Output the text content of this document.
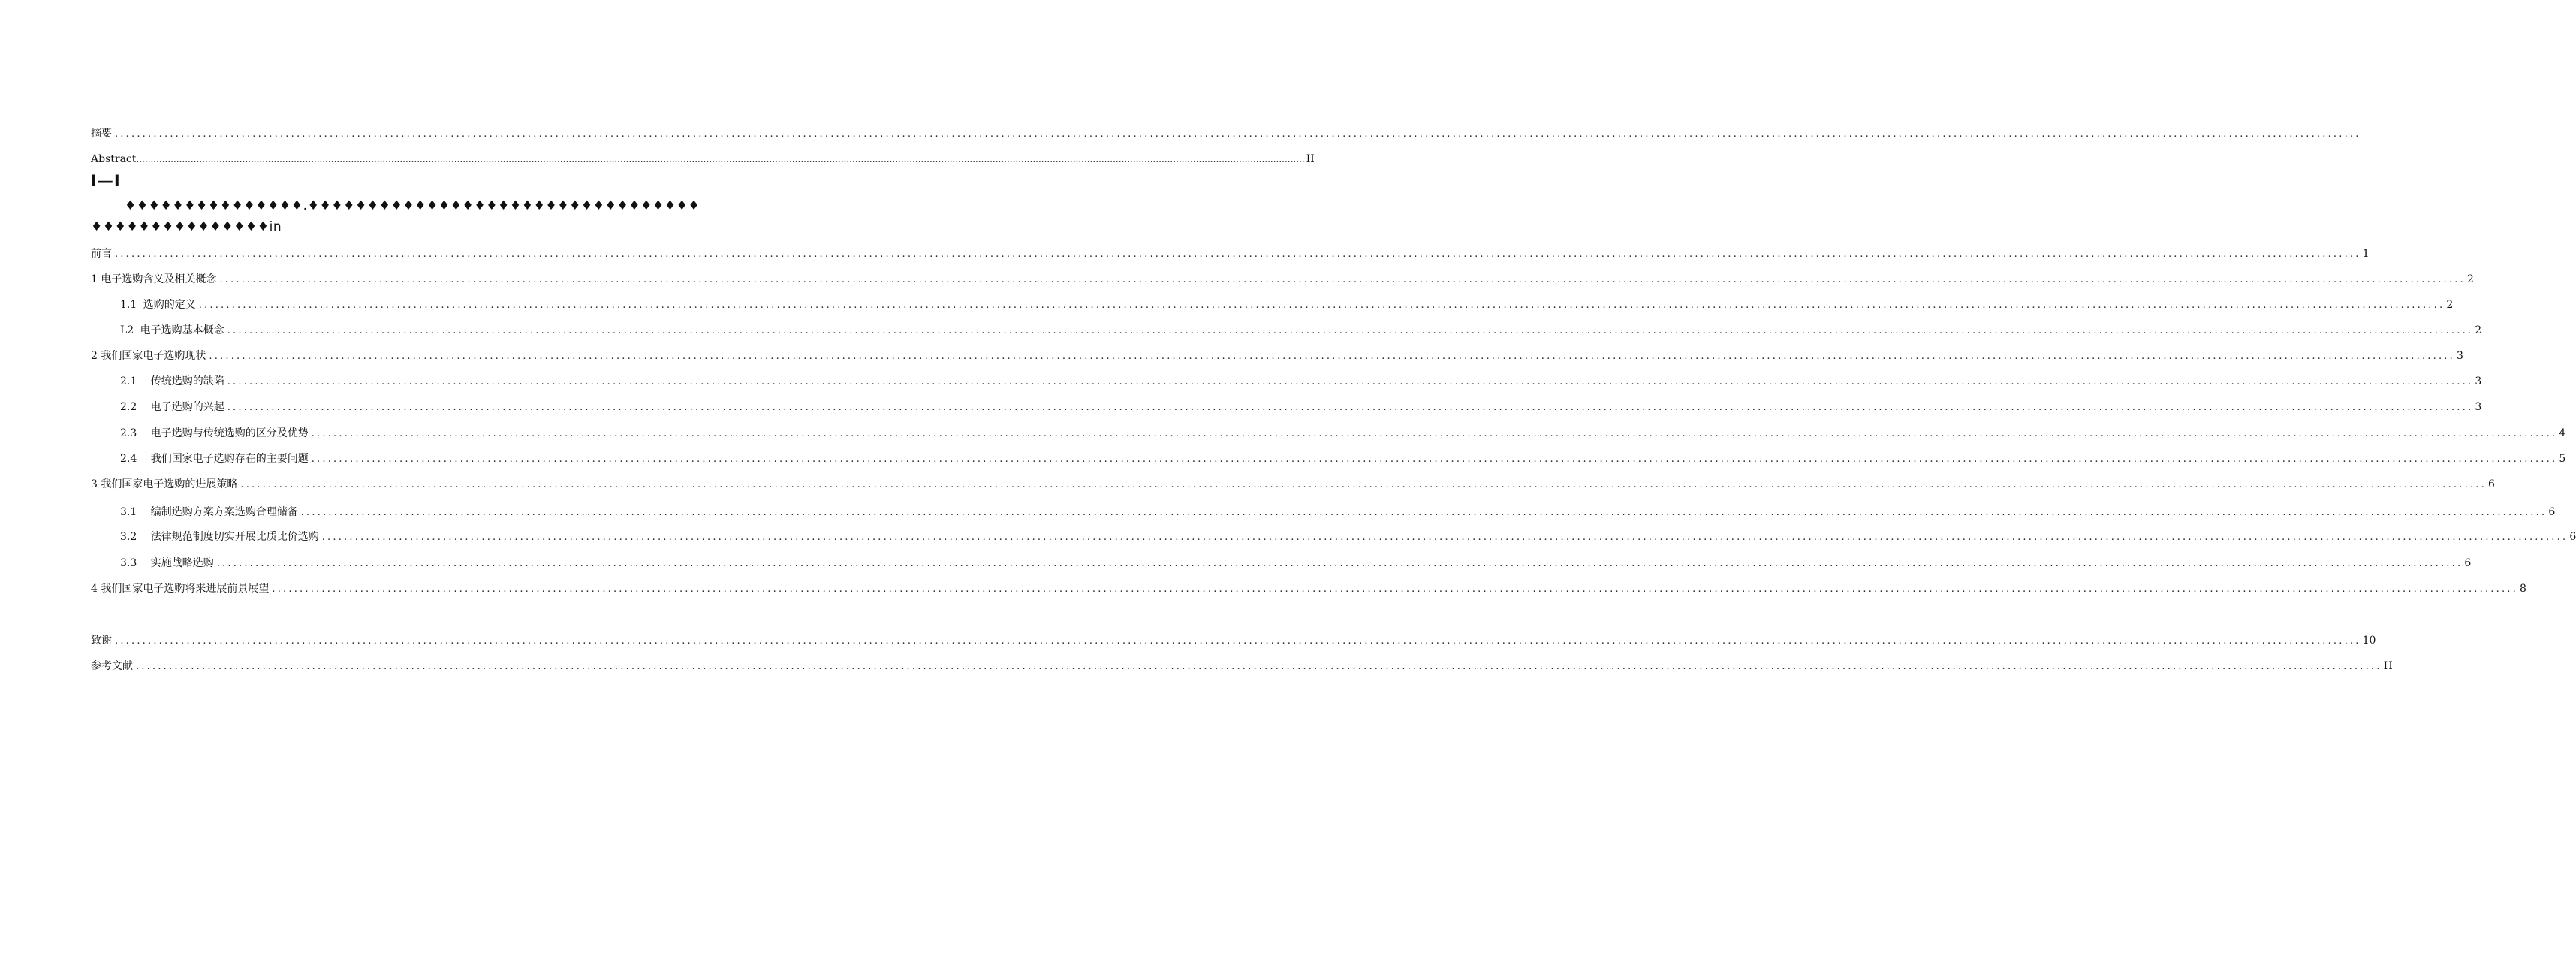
摘要 ........................................................................................................................................................................................................................................................................................................................................................................................................................
Abstract ........................................................................................................................................................................................................................................................................................................................................................................................................................ II
I—I
♦♦♦♦♦♦♦♦♦♦♦♦♦♦♦.♦♦♦♦♦♦♦♦♦♦♦♦♦♦♦♦♦♦♦♦♦♦♦♦♦♦♦♦♦♦♦♦♦
♦♦♦♦♦♦♦♦♦♦♦♦♦♦♦in
前言 ........................................................................................................................................................................................................................................................................................................................................................................................................................ 1
1 电子选购含义及相关概念 ........................................................................................................................................................................................................................................................................................................................................................................................................................ 2
1.1 选购的定义 ........................................................................................................................................................................................................................................................................................................................................................................................................................ 2
L2 电子选购基本概念 ........................................................................................................................................................................................................................................................................................................................................................................................................................ 2
2 我们国家电子选购现状 ........................................................................................................................................................................................................................................................................................................................................................................................................................ 3
2.1 传统选购的缺陷 ........................................................................................................................................................................................................................................................................................................................................................................................................................ 3
2.2 电子选购的兴起 ........................................................................................................................................................................................................................................................................................................................................................................................................................ 3
2.3 电子选购与传统选购的区分及优势 ........................................................................................................................................................................................................................................................................................................................................................................................................................ 4
2.4 我们国家电子选购存在的主要问题 ........................................................................................................................................................................................................................................................................................................................................................................................................................ 5
3 我们国家电子选购的进展策略 ........................................................................................................................................................................................................................................................................................................................................................................................................................ 6
3.1 编制选购方案方案选购合理储备 ........................................................................................................................................................................................................................................................................................................................................................................................................................ 6
3.2 法律规范制度切实开展比质比价选购 ........................................................................................................................................................................................................................................................................................................................................................................................................................ 6
3.3 实施战略选购 ........................................................................................................................................................................................................................................................................................................................................................................................................................ 6
4 我们国家电子选购将来进展前景展望 ........................................................................................................................................................................................................................................................................................................................................................................................................................ 8
致谢 ........................................................................................................................................................................................................................................................................................................................................................................................................................ 10
参考文献 ........................................................................................................................................................................................................................................................................................................................................................................................................................ H
